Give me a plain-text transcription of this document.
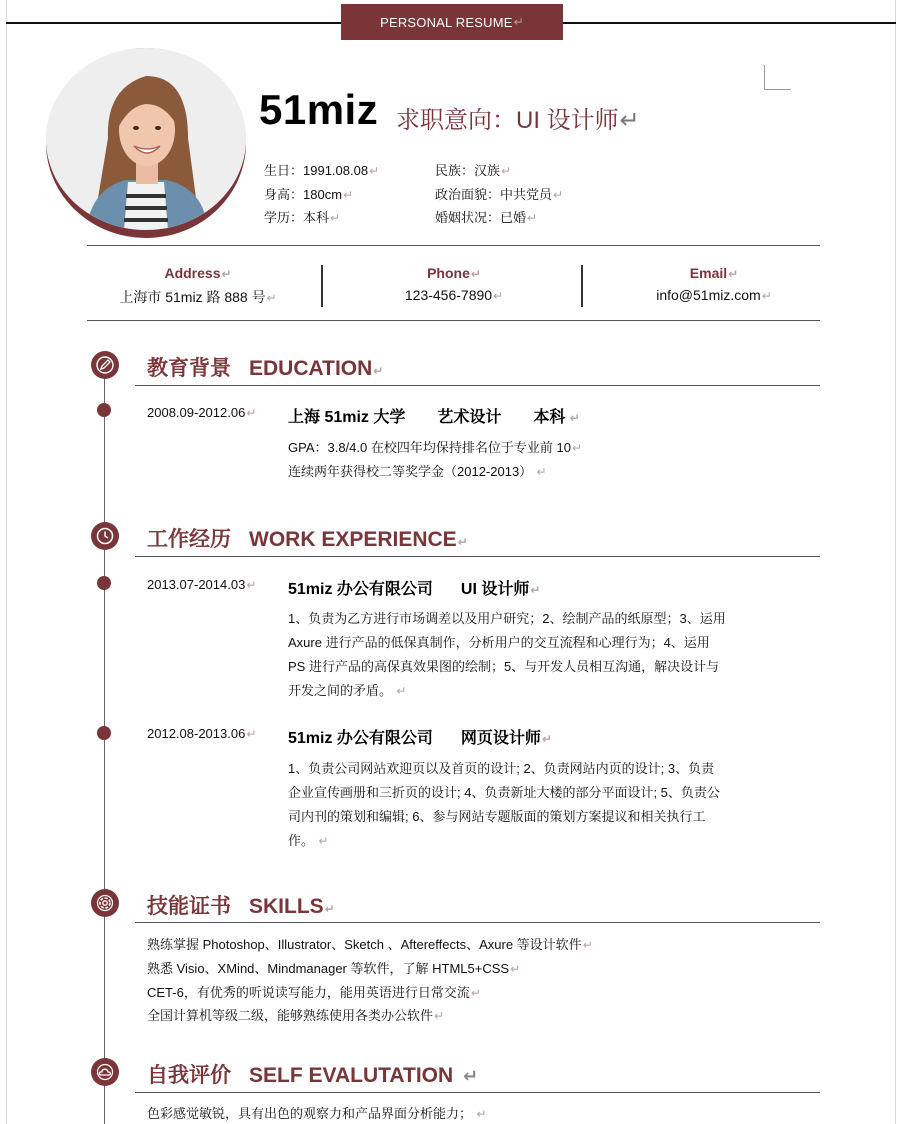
PERSONAL RESUME ↵
51miz 求职意向：UI 设计师↵
生日：1991.08.08↵
身高：180cm↵
学历：本科↵
民族：汉族↵
政治面貌：中共党员↵
婚姻状况：已婚↵
Address↵
上海市 51miz 路 888 号↵
Phone↵
123-456-7890↵
Email↵
info@51miz.com↵
教育背景 EDUCATION↵
2008.09-2012.06↵ 上海 51miz 大学 艺术设计 本科 ↵
GPA：3.8/4.0 在校四年均保持排名位于专业前 10↵
连续两年获得校二等奖学金（2012-2013） ↵
工作经历 WORK EXPERIENCE↵
2013.07-2014.03↵ 51miz 办公有限公司 UI 设计师↵
1、负责为乙方进行市场调差以及用户研究；2、绘制产品的纸原型；3、运用
Axure 进行产品的低保真制作，分析用户的交互流程和心理行为；4、运用
PS 进行产品的高保真效果图的绘制；5、与开发人员相互沟通，解决设计与
开发之间的矛盾。 ↵
2012.08-2013.06↵ 51miz 办公有限公司 网页设计师↵
1、负责公司网站欢迎页以及首页的设计; 2、负责网站内页的设计; 3、负责
企业宣传画册和三折页的设计; 4、负责新址大楼的部分平面设计; 5、负责公
司内刊的策划和编辑; 6、参与网站专题版面的策划方案提议和相关执行工
作。 ↵
技能证书 SKILLS↵
熟练掌握 Photoshop、Illustrator、Sketch 、Aftereffects、Axure 等设计软件↵
熟悉 Visio、XMind、Mindmanager 等软件，了解 HTML5+CSS↵
CET-6，有优秀的听说读写能力，能用英语进行日常交流↵
全国计算机等级二级，能够熟练使用各类办公软件↵
自我评价 SELF EVALUTATION ↵
色彩感觉敏锐，具有出色的观察力和产品界面分析能力； ↵
